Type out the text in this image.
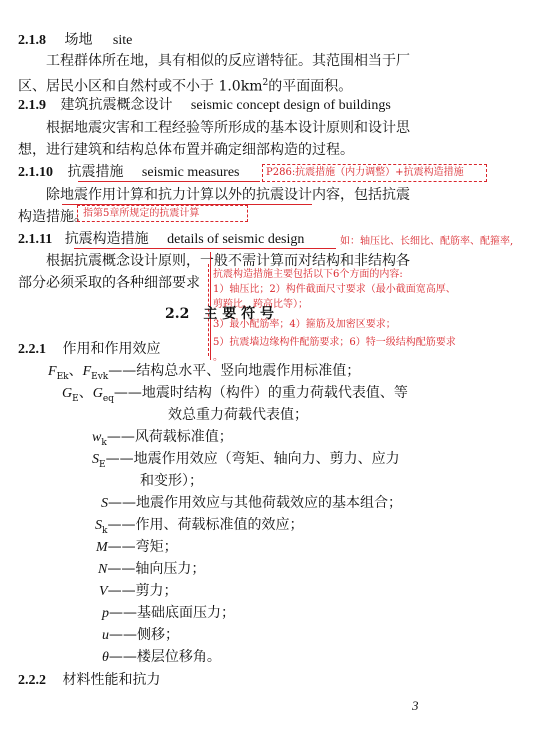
2.1.8 场地 site
工程群体所在地，具有相似的反应谱特征。其范围相当于厂
区、居民小区和自然村或不小于 $1.0km^2$的平面面积。
2.1.9 建筑抗震概念设计 seismic concept design of buildings
根据地震灾害和工程经验等所形成的基本设计原则和设计思
想，进行建筑和结构总体布置并确定细部构造的过程。
2.1.10 抗震措施 seismic measures	P286:抗震措施（内力调整）+抗震构造措施
除地震作用计算和抗力计算以外的抗震设计内容，包括抗震
构造措施。
指第5章所规定的抗震计算
2.1.11 抗震构造措施 details of seismic design	如：轴压比、长细比、配筋率、配箍率,
根据抗震概念设计原则，一般不需计算而对结构和非结构各
部分必须采取的各种细部要求
抗震构造措施主要包括以下6个方面的内容:
1）轴压比；2）构件截面尺寸要求（最小截面宽高厚、
剪跨比、跨高比等）；
3）最小配筋率；4）箍筋及加密区要求；
5）抗震墙边缘构件配筋要求；6）特一级结构配筋要求
。
2.2　主 要 符 号
2.2.1 作用和作用效应
$F_{Ek}$、$F_{Evk}——$结构总水平、竖向地震作用标准值；
$G_E$、$G_{eq}——$地震时结构（构件）的重力荷载代表值、等
效总重力荷载代表值；
$w_k——$风荷载标准值；
$S_E——$地震作用效应（弯矩、轴向力、剪力、应力
和变形）；
S——地震作用效应与其他荷载效应的基本组合；
$S_k——$作用、荷载标准值的效应；
M——弯矩；
N——轴向压力；
V——剪力；
p——基础底面压力；
u——侧移；
θ——楼层位移角。
2.2.2 材料性能和抗力
3
